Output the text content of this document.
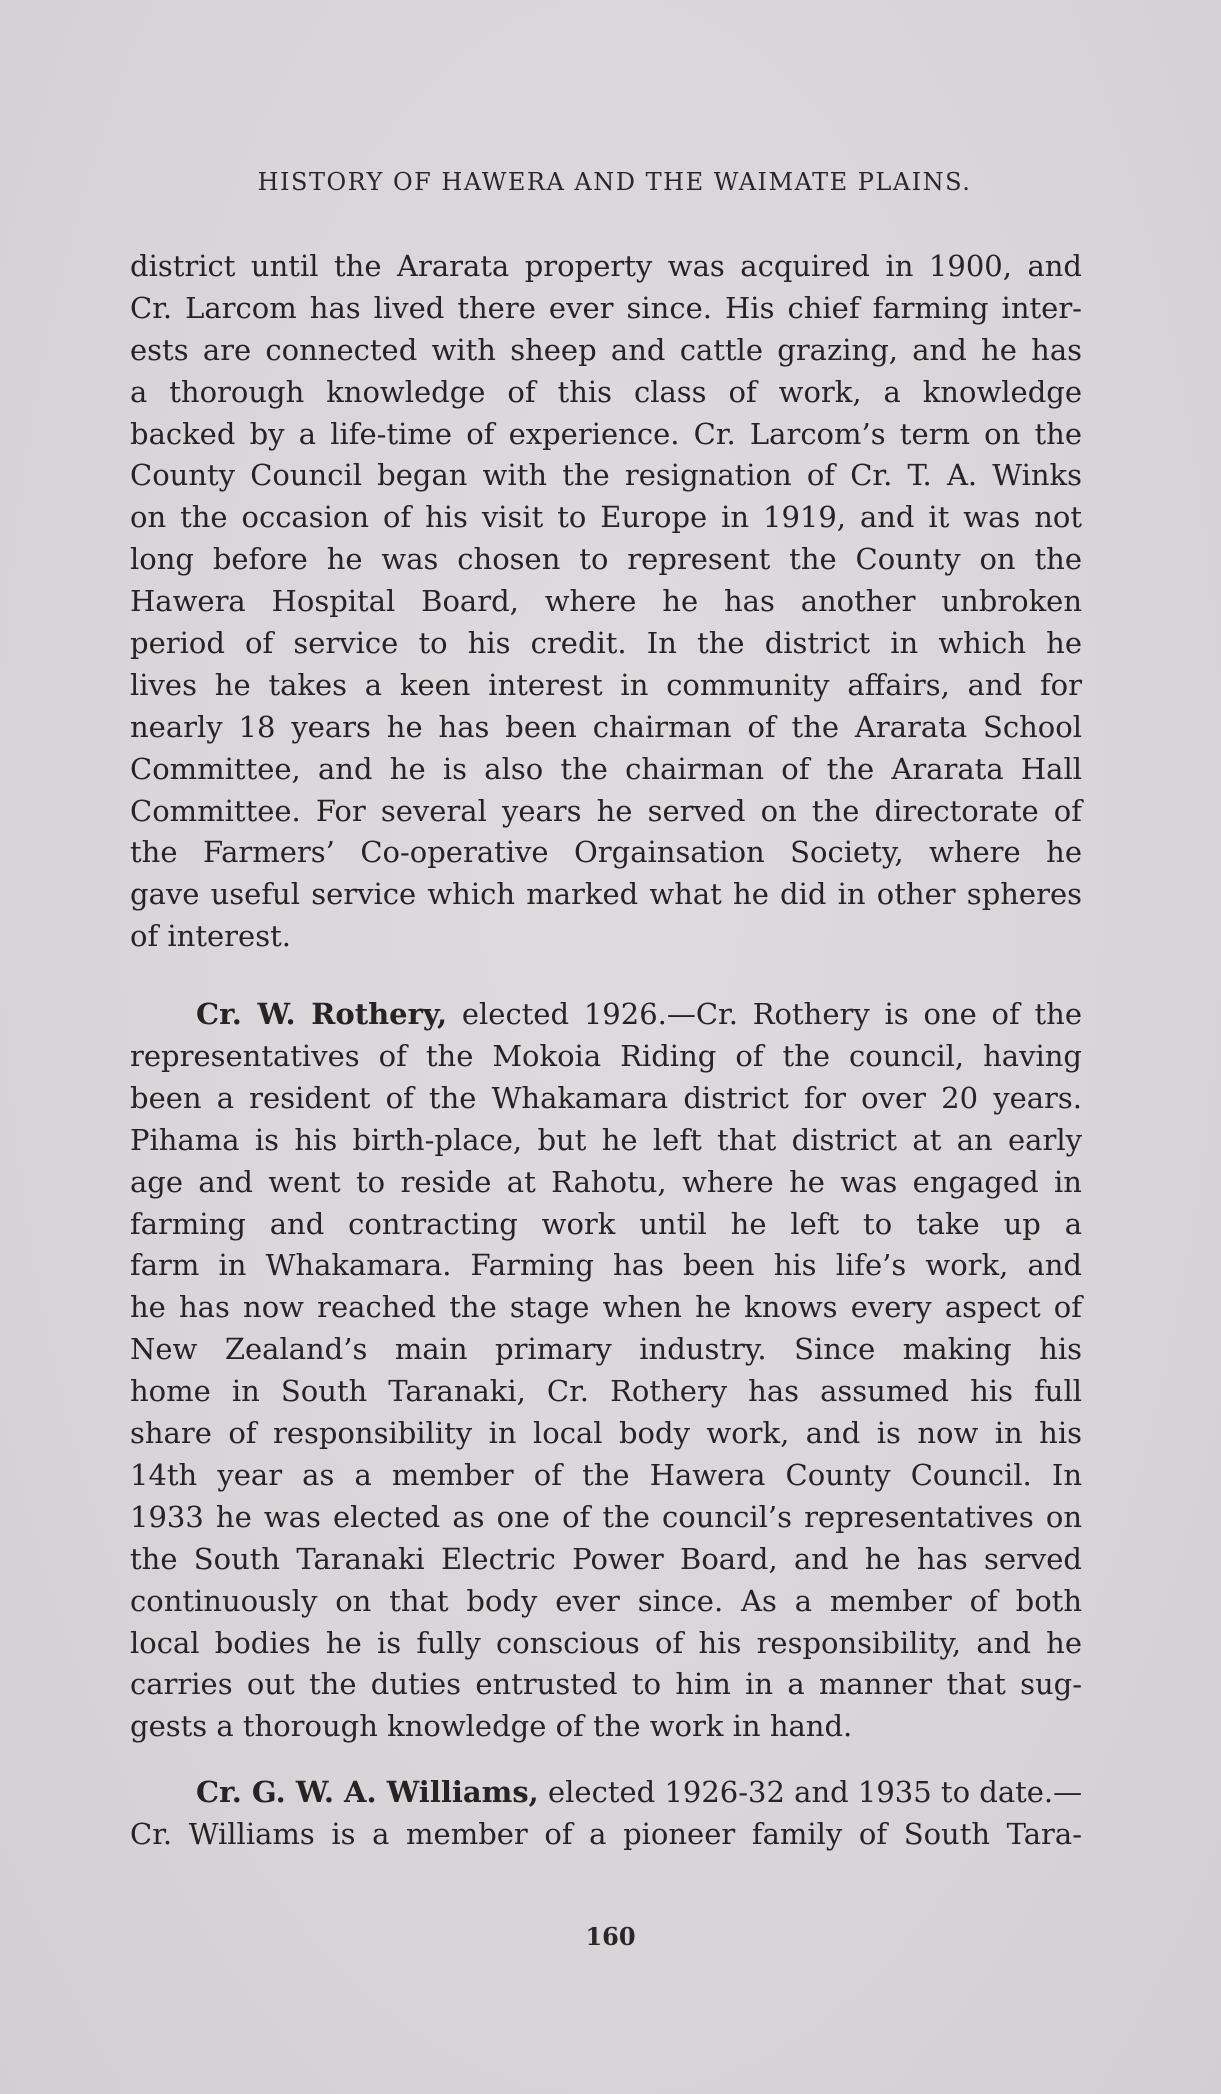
HISTORY OF HAWERA AND THE WAIMATE PLAINS.
district until the Ararata property was acquired in 1900, and
Cr. Larcom has lived there ever since. His chief farming inter-
ests are connected with sheep and cattle grazing, and he has
a thorough knowledge of this class of work, a knowledge
backed by a life-time of experience. Cr. Larcom’s term on the
County Council began with the resignation of Cr. T. A. Winks
on the occasion of his visit to Europe in 1919, and it was not
long before he was chosen to represent the County on the
Hawera Hospital Board, where he has another unbroken
period of service to his credit. In the district in which he
lives he takes a keen interest in community affairs, and for
nearly 18 years he has been chairman of the Ararata School
Committee, and he is also the chairman of the Ararata Hall
Committee. For several years he served on the directorate of
the Farmers’ Co-operative Orgainsation Society, where he
gave useful service which marked what he did in other spheres
of interest.
Cr. W. Rothery, elected 1926.—Cr. Rothery is one of the
representatives of the Mokoia Riding of the council, having
been a resident of the Whakamara district for over 20 years.
Pihama is his birth-place, but he left that district at an early
age and went to reside at Rahotu, where he was engaged in
farming and contracting work until he left to take up a
farm in Whakamara. Farming has been his life’s work, and
he has now reached the stage when he knows every aspect of
New Zealand’s main primary industry. Since making his
home in South Taranaki, Cr. Rothery has assumed his full
share of responsibility in local body work, and is now in his
14th year as a member of the Hawera County Council. In
1933 he was elected as one of the council’s representatives on
the South Taranaki Electric Power Board, and he has served
continuously on that body ever since. As a member of both
local bodies he is fully conscious of his responsibility, and he
carries out the duties entrusted to him in a manner that sug-
gests a thorough knowledge of the work in hand.
Cr. G. W. A. Williams, elected 1926-32 and 1935 to date.—
Cr. Williams is a member of a pioneer family of South Tara-
160
